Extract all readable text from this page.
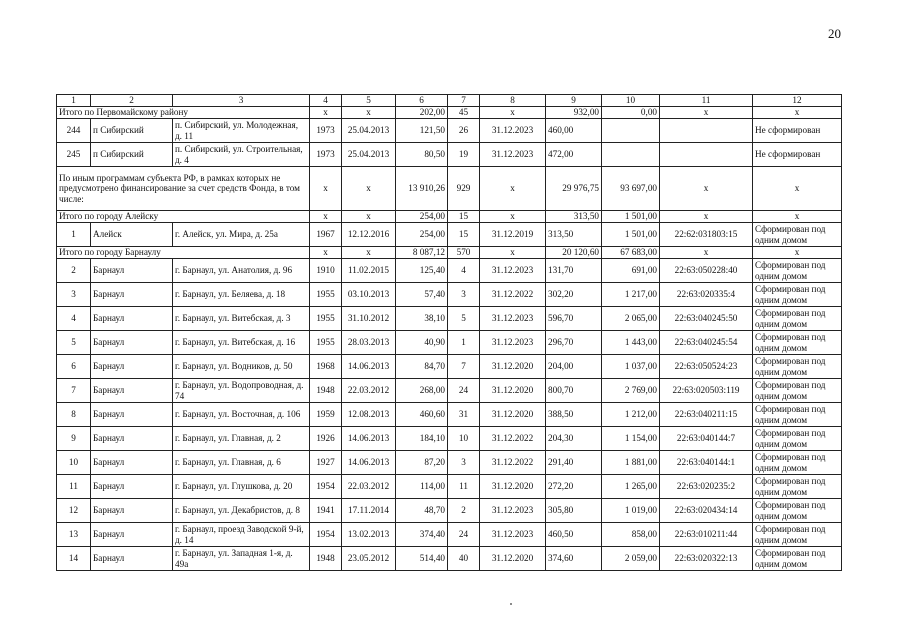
20
1	2	3	4	5	6	7	8	9	10	11	12
Итого по Первомайскому району			x	x	202,00	45	x	932,00	0,00	x	x
244	п Сибирский	п. Сибирский, ул. Молодежная, д. 11	1973	25.04.2013	121,50	26	31.12.2023	460,00			Не сформирован
245	п Сибирский	п. Сибирский, ул. Строительная, д. 4	1973	25.04.2013	80,50	19	31.12.2023	472,00			Не сформирован
По иным программам субъекта РФ, в рамках которых не предусмотрено финансирование за счет средств Фонда, в том числе:			x	x	13 910,26	929	x	29 976,75	93 697,00	x	x
Итого по городу Алейску			x	x	254,00	15	x	313,50	1 501,00	x	x
1	Алейск	г. Алейск, ул. Мира, д. 25а	1967	12.12.2016	254,00	15	31.12.2019	313,50	1 501,00	22:62:031803:15	Сформирован под одним домом
Итого по городу Барнаулу			x	x	8 087,12	570	x	20 120,60	67 683,00	x	x
2	Барнаул	г. Барнаул, ул. Анатолия, д. 96	1910	11.02.2015	125,40	4	31.12.2023	131,70	691,00	22:63:050228:40	Сформирован под одним домом
3	Барнаул	г. Барнаул, ул. Беляева, д. 18	1955	03.10.2013	57,40	3	31.12.2022	302,20	1 217,00	22:63:020335:4	Сформирован под одним домом
4	Барнаул	г. Барнаул, ул. Витебская, д. 3	1955	31.10.2012	38,10	5	31.12.2023	596,70	2 065,00	22:63:040245:50	Сформирован под одним домом
5	Барнаул	г. Барнаул, ул. Витебская, д. 16	1955	28.03.2013	40,90	1	31.12.2023	296,70	1 443,00	22:63:040245:54	Сформирован под одним домом
6	Барнаул	г. Барнаул, ул. Водников, д. 50	1968	14.06.2013	84,70	7	31.12.2020	204,00	1 037,00	22:63:050524:23	Сформирован под одним домом
7	Барнаул	г. Барнаул, ул. Водопроводная, д. 74	1948	22.03.2012	268,00	24	31.12.2020	800,70	2 769,00	22:63:020503:119	Сформирован под одним домом
8	Барнаул	г. Барнаул, ул. Восточная, д. 106	1959	12.08.2013	460,60	31	31.12.2020	388,50	1 212,00	22:63:040211:15	Сформирован под одним домом
9	Барнаул	г. Барнаул, ул. Главная, д. 2	1926	14.06.2013	184,10	10	31.12.2022	204,30	1 154,00	22:63:040144:7	Сформирован под одним домом
10	Барнаул	г. Барнаул, ул. Главная, д. 6	1927	14.06.2013	87,20	3	31.12.2022	291,40	1 881,00	22:63:040144:1	Сформирован под одним домом
11	Барнаул	г. Барнаул, ул. Глушкова, д. 20	1954	22.03.2012	114,00	11	31.12.2020	272,20	1 265,00	22:63:020235:2	Сформирован под одним домом
12	Барнаул	г. Барнаул, ул. Декабристов, д. 8	1941	17.11.2014	48,70	2	31.12.2023	305,80	1 019,00	22:63:020434:14	Сформирован под одним домом
13	Барнаул	г. Барнаул, проезд Заводской 9-й, д. 14	1954	13.02.2013	374,40	24	31.12.2023	460,50	858,00	22:63:010211:44	Сформирован под одним домом
14	Барнаул	г. Барнаул, ул. Западная 1-я, д. 49а	1948	23.05.2012	514,40	40	31.12.2020	374,60	2 059,00	22:63:020322:13	Сформирован под одним домом
